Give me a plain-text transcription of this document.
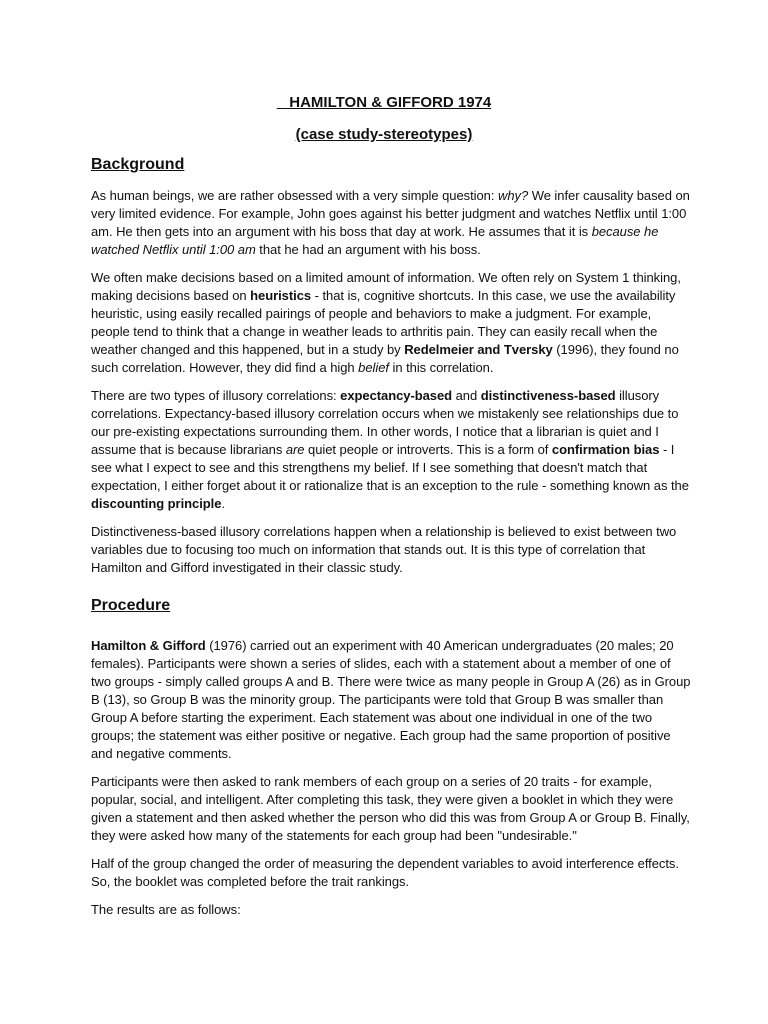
HAMILTON & GIFFORD 1974
(case study-stereotypes)
Background
As human beings, we are rather obsessed with a very simple question: why? We infer causality based on very limited evidence. For example, John goes against his better judgment and watches Netflix until 1:00 am. He then gets into an argument with his boss that day at work. He assumes that it is because he watched Netflix until 1:00 am that he had an argument with his boss.
We often make decisions based on a limited amount of information. We often rely on System 1 thinking, making decisions based on heuristics - that is, cognitive shortcuts. In this case, we use the availability heuristic, using easily recalled pairings of people and behaviors to make a judgment. For example, people tend to think that a change in weather leads to arthritis pain. They can easily recall when the weather changed and this happened, but in a study by Redelmeier and Tversky (1996), they found no such correlation. However, they did find a high belief in this correlation.
There are two types of illusory correlations: expectancy-based and distinctiveness-based illusory correlations. Expectancy-based illusory correlation occurs when we mistakenly see relationships due to our pre-existing expectations surrounding them. In other words, I notice that a librarian is quiet and I assume that is because librarians are quiet people or introverts. This is a form of confirmation bias - I see what I expect to see and this strengthens my belief. If I see something that doesn't match that expectation, I either forget about it or rationalize that is an exception to the rule - something known as the discounting principle.
Distinctiveness-based illusory correlations happen when a relationship is believed to exist between two variables due to focusing too much on information that stands out. It is this type of correlation that Hamilton and Gifford investigated in their classic study.
Procedure
Hamilton & Gifford (1976) carried out an experiment with 40 American undergraduates (20 males; 20 females). Participants were shown a series of slides, each with a statement about a member of one of two groups - simply called groups A and B. There were twice as many people in Group A (26) as in Group B (13), so Group B was the minority group. The participants were told that Group B was smaller than Group A before starting the experiment. Each statement was about one individual in one of the two groups; the statement was either positive or negative. Each group had the same proportion of positive and negative comments.
Participants were then asked to rank members of each group on a series of 20 traits - for example, popular, social, and intelligent. After completing this task, they were given a booklet in which they were given a statement and then asked whether the person who did this was from Group A or Group B. Finally, they were asked how many of the statements for each group had been "undesirable."
Half of the group changed the order of measuring the dependent variables to avoid interference effects. So, the booklet was completed before the trait rankings.
The results are as follows:
